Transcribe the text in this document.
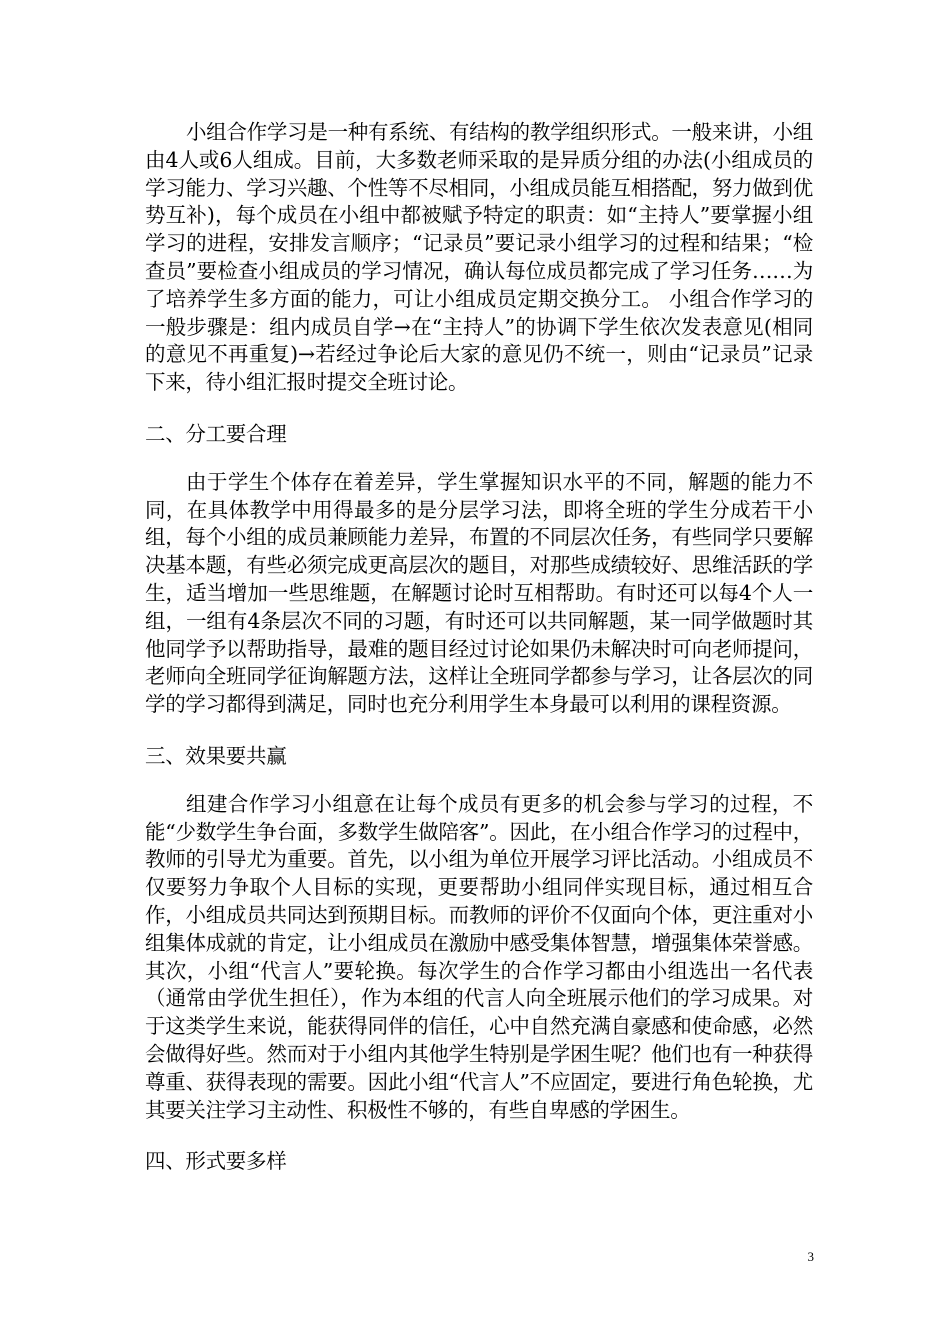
小组合作学习是一种有系统、有结构的教学组织形式。一般来讲，小组由4人或6人组成。目前，大多数老师采取的是异质分组的办法(小组成员的学习能力、学习兴趣、个性等不尽相同，小组成员能互相搭配，努力做到优势互补)，每个成员在小组中都被赋予特定的职责：如“主持人”要掌握小组学习的进程，安排发言顺序；“记录员”要记录小组学习的过程和结果；“检查员”要检查小组成员的学习情况，确认每位成员都完成了学习任务……为了培养学生多方面的能力，可让小组成员定期交换分工。 小组合作学习的一般步骤是：组内成员自学→在“主持人”的协调下学生依次发表意见(相同的意见不再重复)→若经过争论后大家的意见仍不统一，则由“记录员”记录下来，待小组汇报时提交全班讨论。

二、分工要合理

由于学生个体存在着差异，学生掌握知识水平的不同，解题的能力不同，在具体教学中用得最多的是分层学习法，即将全班的学生分成若干小组，每个小组的成员兼顾能力差异，布置的不同层次任务，有些同学只要解决基本题，有些必须完成更高层次的题目，对那些成绩较好、思维活跃的学生，适当增加一些思维题，在解题讨论时互相帮助。有时还可以每4个人一组，一组有4条层次不同的习题，有时还可以共同解题，某一同学做题时其他同学予以帮助指导，最难的题目经过讨论如果仍未解决时可向老师提问，老师向全班同学征询解题方法，这样让全班同学都参与学习，让各层次的同学的学习都得到满足，同时也充分利用学生本身最可以利用的课程资源。

三、效果要共赢

组建合作学习小组意在让每个成员有更多的机会参与学习的过程，不能“少数学生争台面，多数学生做陪客”。因此，在小组合作学习的过程中，教师的引导尤为重要。首先，以小组为单位开展学习评比活动。小组成员不仅要努力争取个人目标的实现，更要帮助小组同伴实现目标，通过相互合作，小组成员共同达到预期目标。而教师的评价不仅面向个体，更注重对小组集体成就的肯定，让小组成员在激励中感受集体智慧，增强集体荣誉感。其次，小组“代言人”要轮换。每次学生的合作学习都由小组选出一名代表（通常由学优生担任），作为本组的代言人向全班展示他们的学习成果。对于这类学生来说，能获得同伴的信任，心中自然充满自豪感和使命感，必然会做得好些。然而对于小组内其他学生特别是学困生呢？他们也有一种获得尊重、获得表现的需要。因此小组“代言人”不应固定，要进行角色轮换，尤其要关注学习主动性、积极性不够的，有些自卑感的学困生。

四、形式要多样

3
